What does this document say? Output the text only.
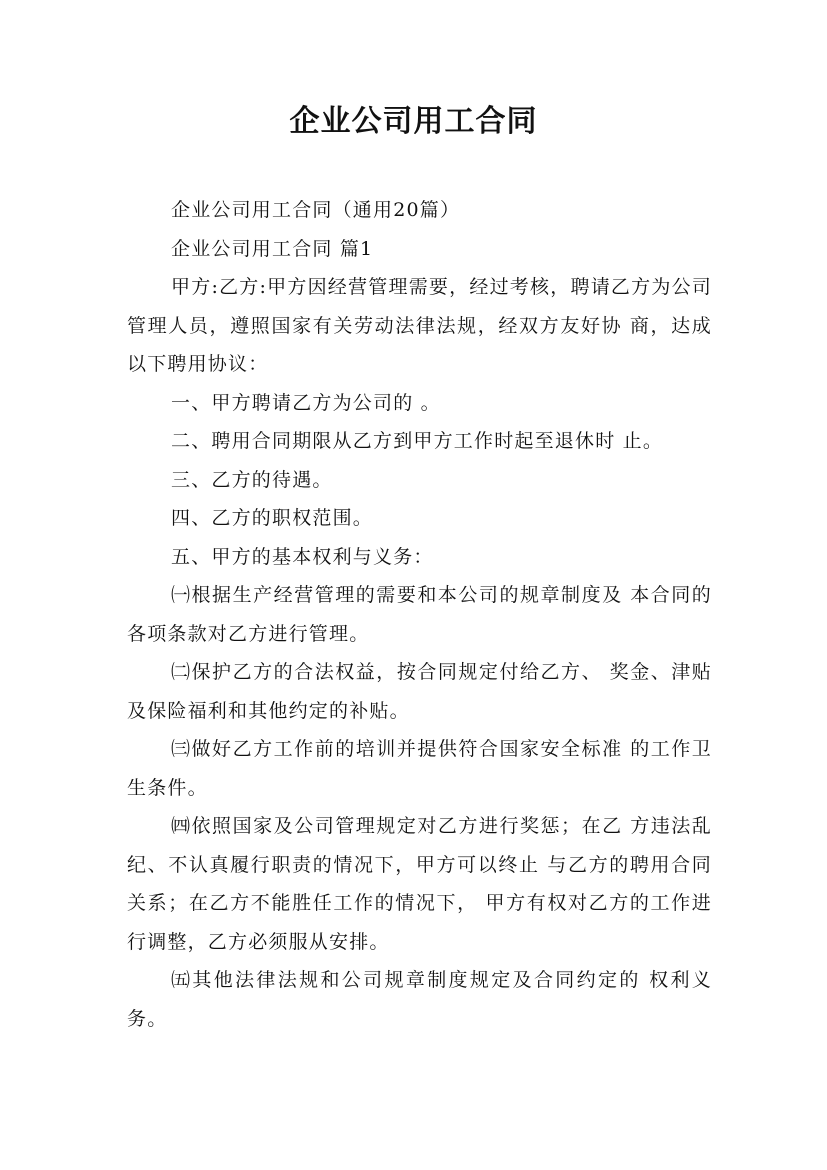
企业公司用工合同

企业公司用工合同（通用20篇）

企业公司用工合同 篇1

甲方:乙方:甲方因经营管理需要，经过考核，聘请乙方为公司管理人员，遵照国家有关劳动法律法规，经双方友好协 商，达成以下聘用协议：

一、甲方聘请乙方为公司的 。

二、聘用合同期限从乙方到甲方工作时起至退休时 止。

三、乙方的待遇。

四、乙方的职权范围。

五、甲方的基本权利与义务：

㈠根据生产经营管理的需要和本公司的规章制度及 本合同的各项条款对乙方进行管理。

㈡保护乙方的合法权益，按合同规定付给乙方、 奖金、津贴及保险福利和其他约定的补贴。

㈢做好乙方工作前的培训并提供符合国家安全标准 的工作卫生条件。

㈣依照国家及公司管理规定对乙方进行奖惩；在乙 方违法乱纪、不认真履行职责的情况下，甲方可以终止 与乙方的聘用合同关系；在乙方不能胜任工作的情况下， 甲方有权对乙方的工作进行调整，乙方必须服从安排。

㈤其他法律法规和公司规章制度规定及合同约定的 权利义务。
